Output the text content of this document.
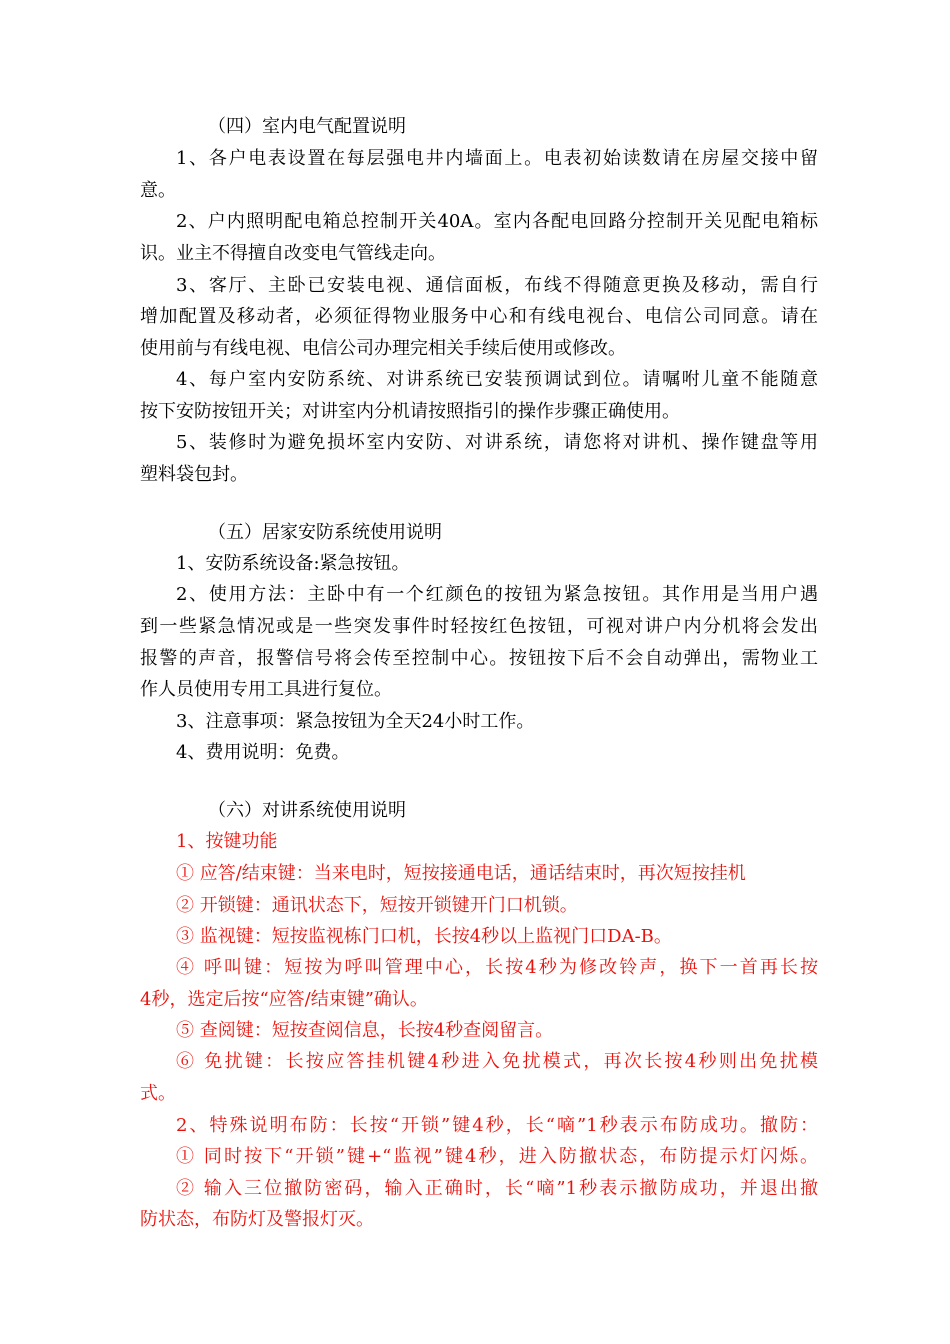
（四）室内电气配置说明
1、各户电表设置在每层强电井内墙面上。电表初始读数请在房屋交接中留
意。
2、户内照明配电箱总控制开关40A。室内各配电回路分控制开关见配电箱标
识。业主不得擅自改变电气管线走向。
3、客厅、主卧已安装电视、通信面板，布线不得随意更换及移动，需自行
增加配置及移动者，必须征得物业服务中心和有线电视台、电信公司同意。请在
使用前与有线电视、电信公司办理完相关手续后使用或修改。
4、每户室内安防系统、对讲系统已安装预调试到位。请嘱咐儿童不能随意
按下安防按钮开关；对讲室内分机请按照指引的操作步骤正确使用。
5、装修时为避免损坏室内安防、对讲系统，请您将对讲机、操作键盘等用
塑料袋包封。
（五）居家安防系统使用说明
1、安防系统设备:紧急按钮。
2、使用方法：主卧中有一个红颜色的按钮为紧急按钮。其作用是当用户遇
到一些紧急情况或是一些突发事件时轻按红色按钮，可视对讲户内分机将会发出
报警的声音，报警信号将会传至控制中心。按钮按下后不会自动弹出，需物业工
作人员使用专用工具进行复位。
3、注意事项：紧急按钮为全天24小时工作。
4、费用说明：免费。
（六）对讲系统使用说明
1、按键功能
① 应答/结束键：当来电时，短按接通电话，通话结束时，再次短按挂机
② 开锁键：通讯状态下，短按开锁键开门口机锁。
③ 监视键：短按监视栋门口机，长按4秒以上监视门口DA-B。
④ 呼叫键：短按为呼叫管理中心，长按4秒为修改铃声，换下一首再长按
4秒，选定后按“应答/结束键”确认。
⑤ 查阅键：短按查阅信息，长按4秒查阅留言。
⑥ 免扰键：长按应答挂机键4秒进入免扰模式，再次长按4秒则出免扰模
式。
2、特殊说明布防：长按“开锁”键4秒，长“嘀”1秒表示布防成功。撤防：
① 同时按下“开锁”键+“监视”键4秒，进入防撤状态，布防提示灯闪烁。
② 输入三位撤防密码，输入正确时，长“嘀”1秒表示撤防成功，并退出撤
防状态，布防灯及警报灯灭。
